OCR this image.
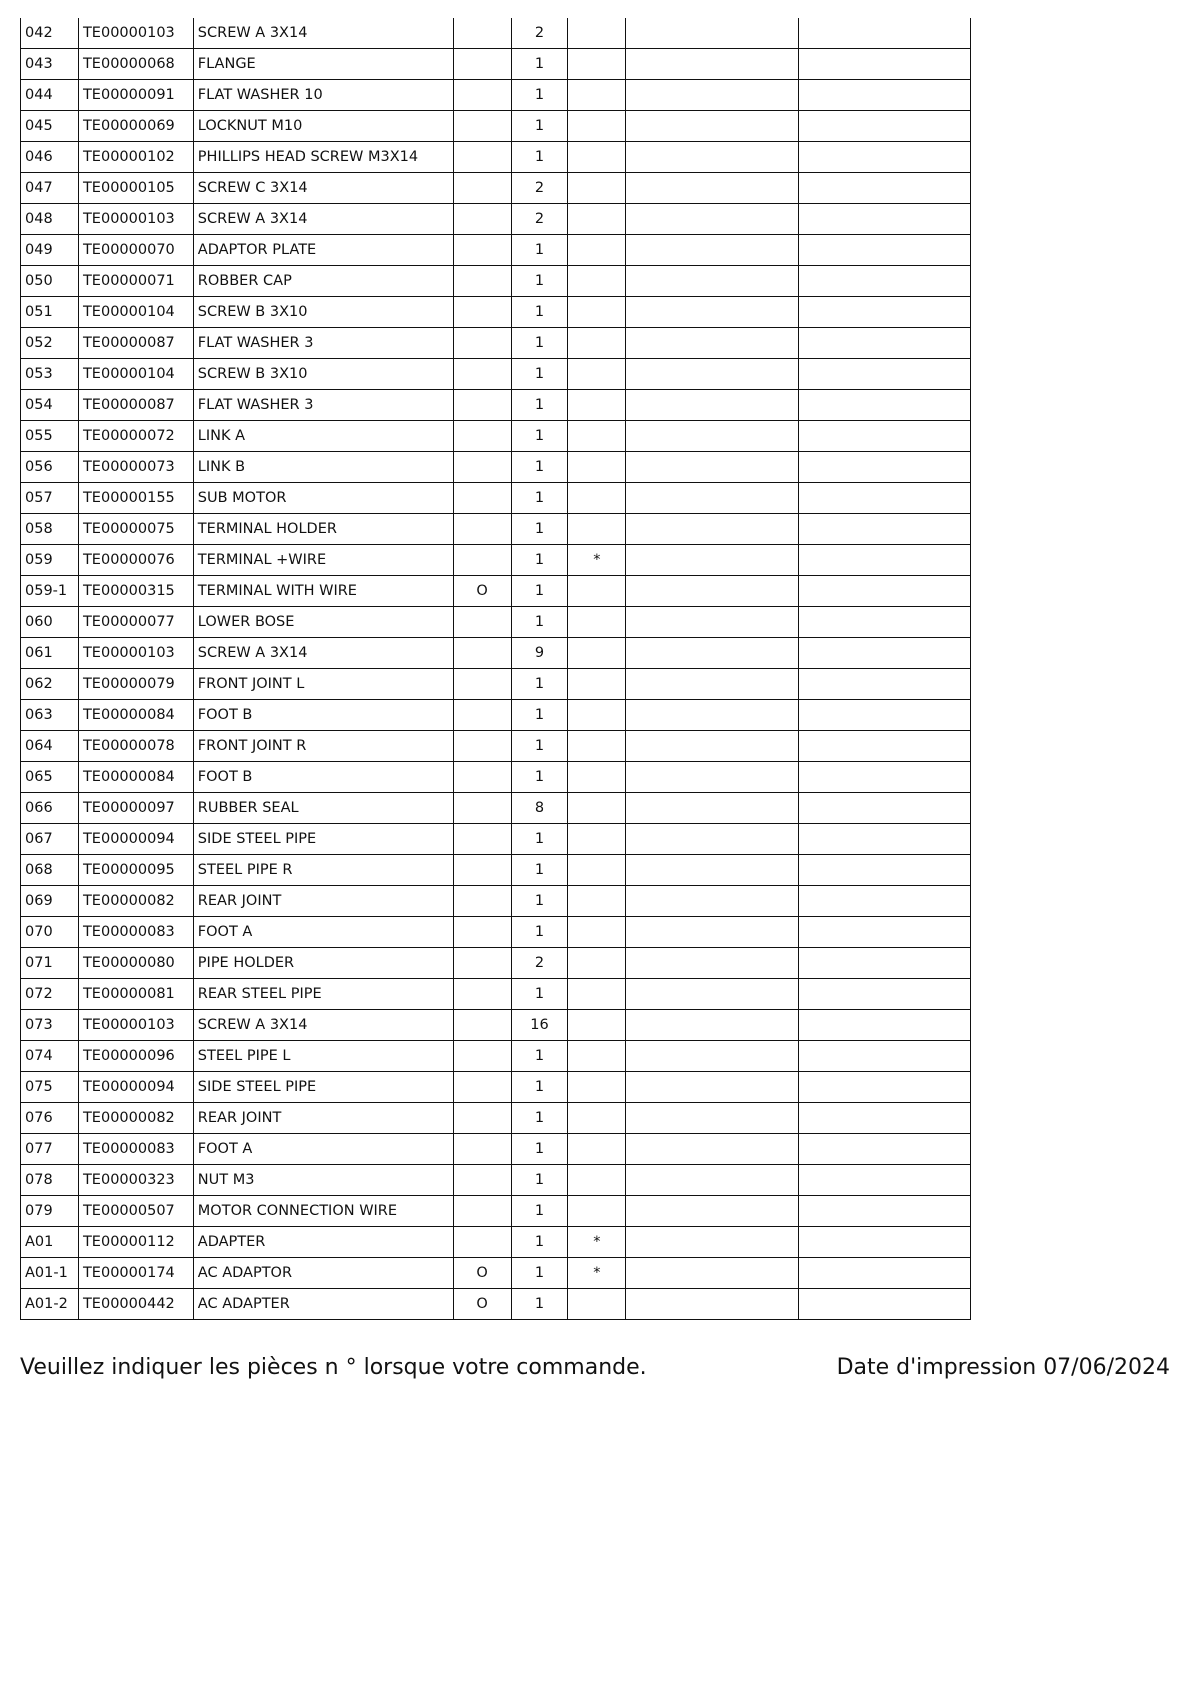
042	TE00000103	SCREW A 3X14		2			
043	TE00000068	FLANGE		1			
044	TE00000091	FLAT WASHER 10		1			
045	TE00000069	LOCKNUT M10		1			
046	TE00000102	PHILLIPS HEAD SCREW M3X14		1			
047	TE00000105	SCREW C 3X14		2			
048	TE00000103	SCREW A 3X14		2			
049	TE00000070	ADAPTOR PLATE		1			
050	TE00000071	ROBBER CAP		1			
051	TE00000104	SCREW B 3X10		1			
052	TE00000087	FLAT WASHER 3		1			
053	TE00000104	SCREW B 3X10		1			
054	TE00000087	FLAT WASHER 3		1			
055	TE00000072	LINK A		1			
056	TE00000073	LINK B		1			
057	TE00000155	SUB MOTOR		1			
058	TE00000075	TERMINAL HOLDER		1			
059	TE00000076	TERMINAL +WIRE		1	*		
059-1	TE00000315	TERMINAL WITH WIRE	O	1			
060	TE00000077	LOWER BOSE		1			
061	TE00000103	SCREW A 3X14		9			
062	TE00000079	FRONT JOINT L		1			
063	TE00000084	FOOT B		1			
064	TE00000078	FRONT JOINT R		1			
065	TE00000084	FOOT B		1			
066	TE00000097	RUBBER SEAL		8			
067	TE00000094	SIDE STEEL PIPE		1			
068	TE00000095	STEEL PIPE R		1			
069	TE00000082	REAR JOINT		1			
070	TE00000083	FOOT A		1			
071	TE00000080	PIPE HOLDER		2			
072	TE00000081	REAR STEEL PIPE		1			
073	TE00000103	SCREW A 3X14		16			
074	TE00000096	STEEL PIPE L		1			
075	TE00000094	SIDE STEEL PIPE		1			
076	TE00000082	REAR JOINT		1			
077	TE00000083	FOOT A		1			
078	TE00000323	NUT M3		1			
079	TE00000507	MOTOR CONNECTION WIRE		1			
A01	TE00000112	ADAPTER		1	*		
A01-1	TE00000174	AC ADAPTOR	O	1	*		
A01-2	TE00000442	AC ADAPTER	O	1			
Veuillez indiquer les pièces n ° lorsque votre commande.	Date d'impression 07/06/2024
